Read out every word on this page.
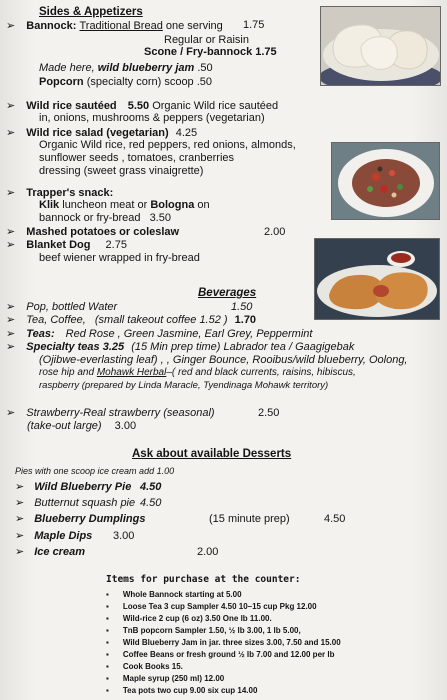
Sides & Appetizers
➢ Bannock: Traditional Bread one serving 1.75
Regular or Raisin
Scone / Fry-bannock 1.75
Made here, wild blueberry jam .50
Popcorn (specialty corn) scoop .50
➢ Wild rice sautéed 5.50 Organic Wild rice sautéed
in, onions, mushrooms & peppers (vegetarian)
➢ Wild rice salad (vegetarian) 4.25
Organic Wild rice, red peppers, red onions, almonds,
sunflower seeds , tomatoes, cranberries
dressing (sweet grass vinaigrette)
➢ Trapper's snack:
Klik luncheon meat or Bologna on
bannock or fry-bread 3.50
➢ Mashed potatoes or coleslaw	2.00
➢ Blanket Dog 2.75
beef wiener wrapped in fry-bread
Beverages
➢ Pop, bottled Water	1.50
➢ Tea, Coffee, (small takeout coffee 1.52 ) 1.70
➢ Teas: Red Rose , Green Jasmine, Earl Grey, Peppermint
➢ Specialty teas 3.25 (15 Min prep time) Labrador tea / Gaagigebak
(Ojibwe-everlasting leaf) , , Ginger Bounce, Rooibus/wild blueberry, Oolong,
rose hip and Mohawk Herbal–( red and black currents, raisins, hibiscus,
raspberry (prepared by Linda Maracle, Tyendinaga Mohawk territory)
➢ Strawberry-Real strawberry (seasonal)	2.50
(take-out large) 3.00
Ask about available Desserts
Pies with one scoop ice cream add 1.00
➢ Wild Blueberry Pie 4.50
➢ Butternut squash pie 4.50
➢ Blueberry Dumplings	(15 minute prep)	4.50
➢ Maple Dips 3.00
➢ Ice cream	2.00
Items for purchase at the counter:
▪ Whole Bannock starting at 5.00
▪ Loose Tea 3 cup Sampler 4.50 10–15 cup Pkg 12.00
▪ Wild-rice 2 cup (6 oz) 3.50 One lb 11.00.
▪ TnB popcorn Sampler 1.50, ½ lb 3.00, 1 lb 5.00,
▪ Wild Blueberry Jam in jar. three sizes 3.00, 7.50 and 15.00
▪ Coffee Beans or fresh ground ½ lb 7.00 and 12.00 per lb
▪ Cook Books 15.
▪ Maple syrup (250 ml) 12.00
▪ Tea pots two cup 9.00 six cup 14.00
